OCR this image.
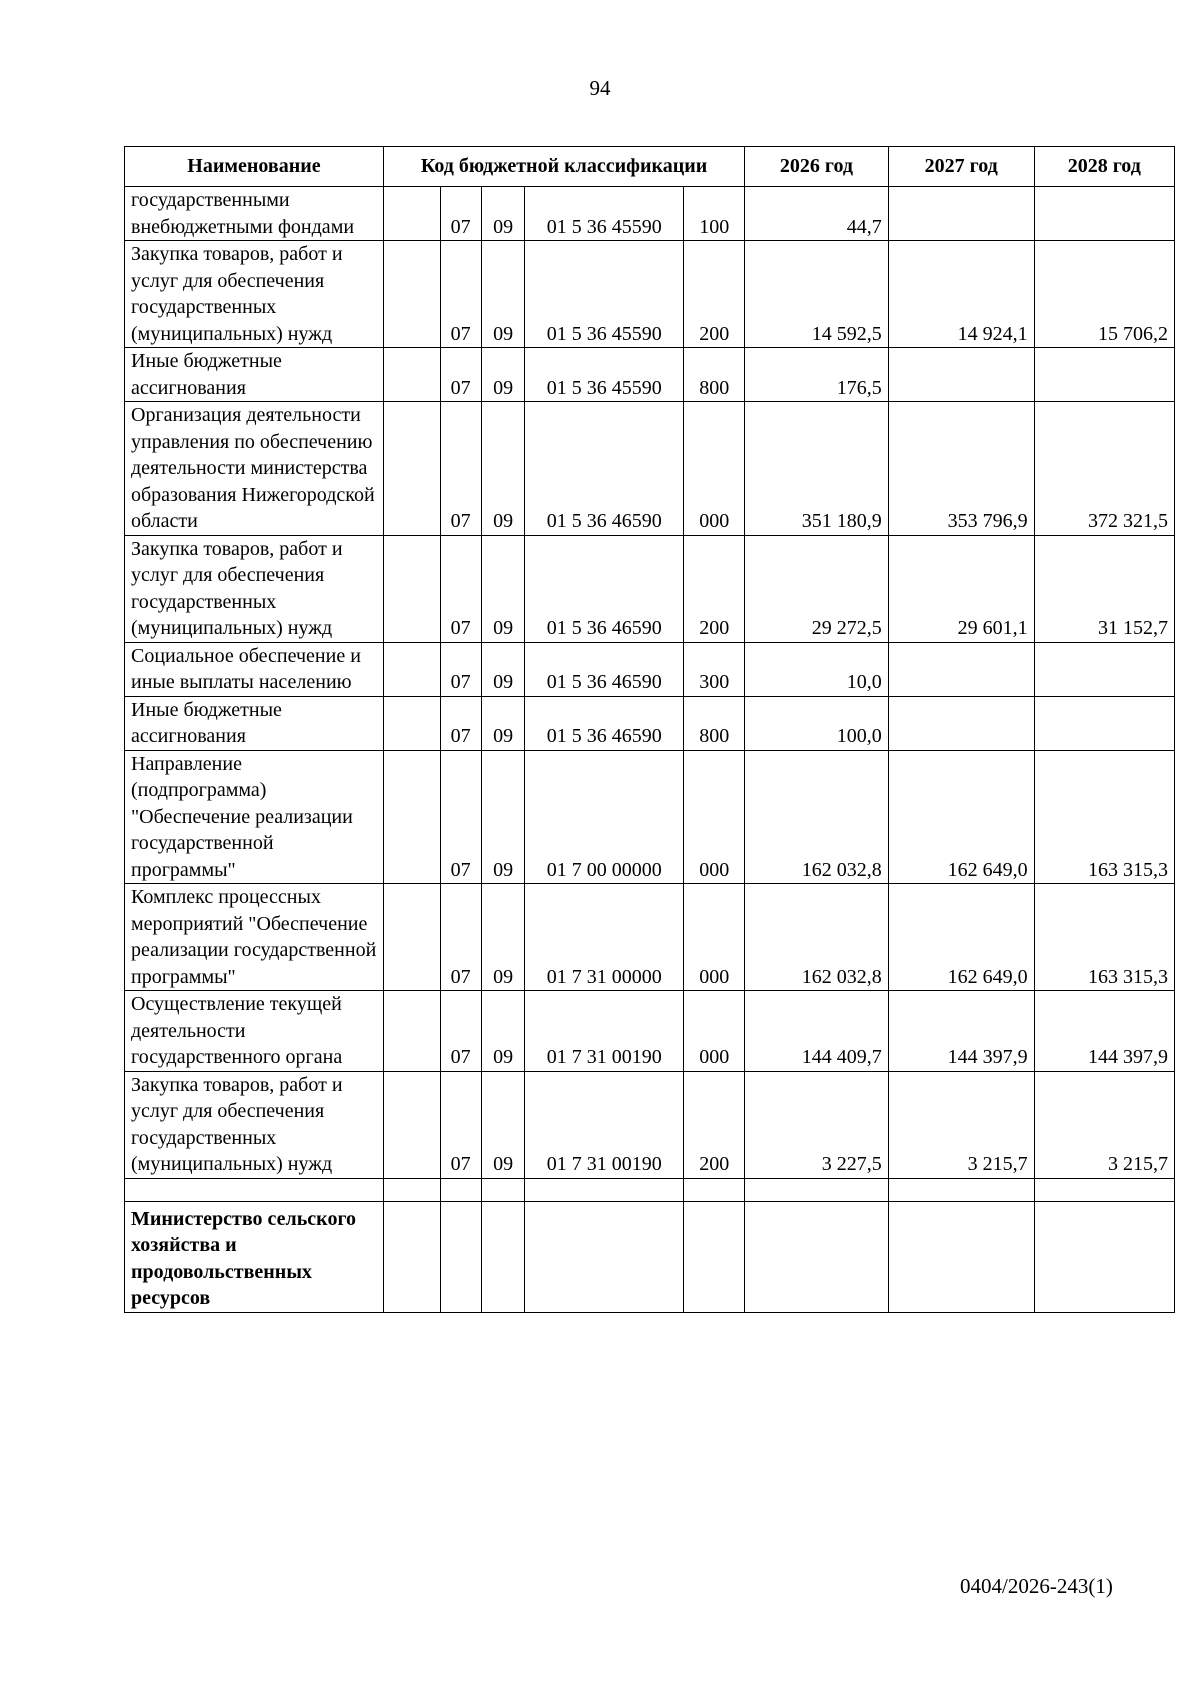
94
Наименование	Код бюджетной классификации					2026 год	2027 год	2028 год
государственными внебюджетными фондами		07	09	01 5 36 45590	100	44,7		
Закупка товаров, работ и услуг для обеспечения государственных (муниципальных) нужд		07	09	01 5 36 45590	200	14 592,5	14 924,1	15 706,2
Иные бюджетные ассигнования		07	09	01 5 36 45590	800	176,5		
Организация деятельности управления по обеспечению деятельности министерства образования Нижегородской области		07	09	01 5 36 46590	000	351 180,9	353 796,9	372 321,5
Закупка товаров, работ и услуг для обеспечения государственных (муниципальных) нужд		07	09	01 5 36 46590	200	29 272,5	29 601,1	31 152,7
Социальное обеспечение и иные выплаты населению		07	09	01 5 36 46590	300	10,0		
Иные бюджетные ассигнования		07	09	01 5 36 46590	800	100,0		
Направление (подпрограмма) "Обеспечение реализации государственной программы"		07	09	01 7 00 00000	000	162 032,8	162 649,0	163 315,3
Комплекс процессных мероприятий "Обеспечение реализации государственной программы"		07	09	01 7 31 00000	000	162 032,8	162 649,0	163 315,3
Осуществление текущей деятельности государственного органа		07	09	01 7 31 00190	000	144 409,7	144 397,9	144 397,9
Закупка товаров, работ и услуг для обеспечения государственных (муниципальных) нужд		07	09	01 7 31 00190	200	3 227,5	3 215,7	3 215,7

Министерство сельского хозяйства и продовольственных ресурсов								
0404/2026-243(1)
